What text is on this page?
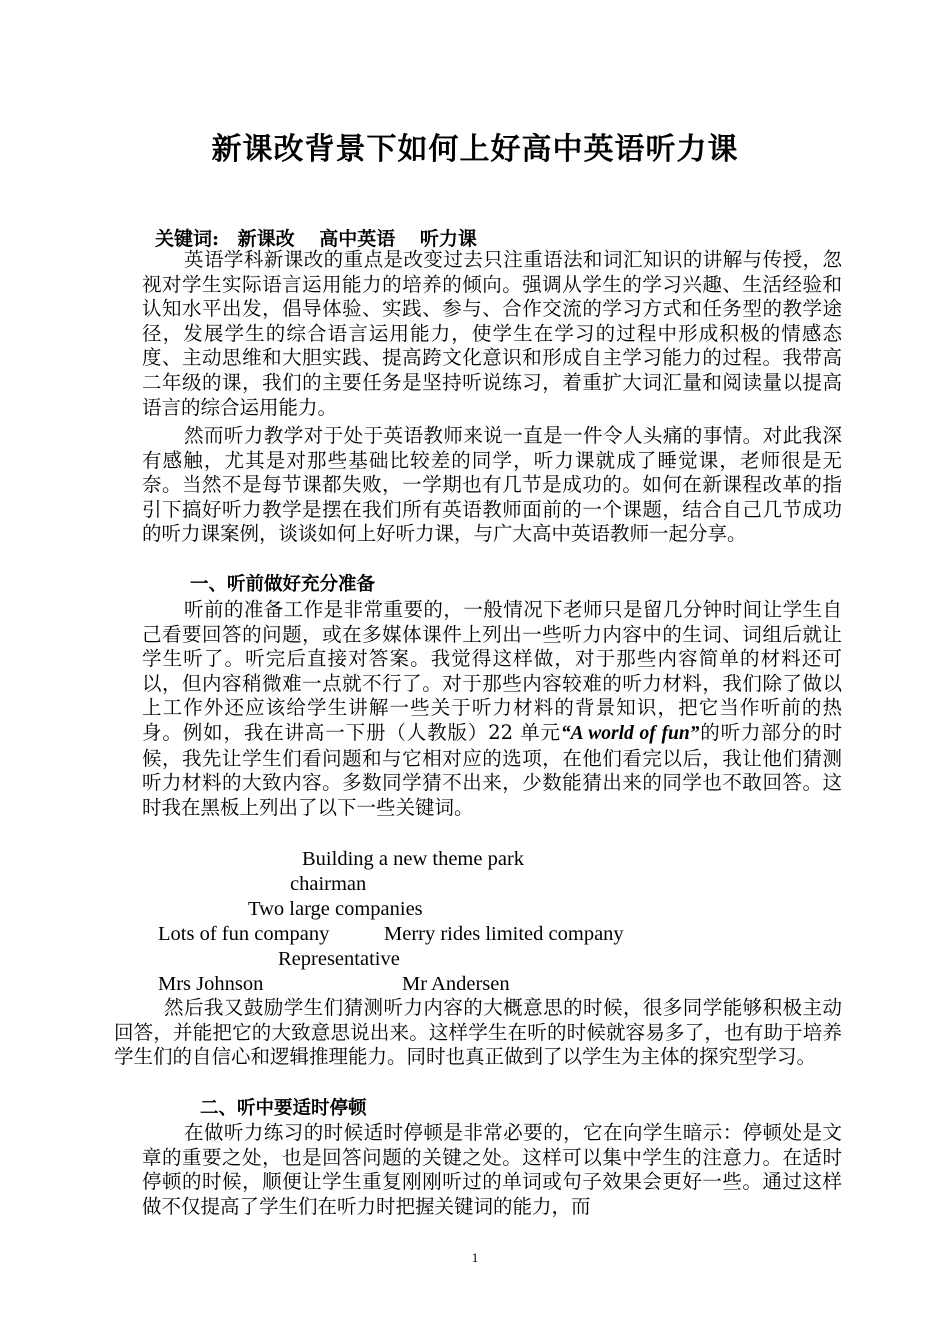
新课改背景下如何上好高中英语听力课
关键词: 新课改 高中英语 听力课
英语学科新课改的重点是改变过去只注重语法和词汇知识的讲解与传授，忽视对学生实际语言运用能力的培养的倾向。强调从学生的学习兴趣、生活经验和认知水平出发，倡导体验、实践、参与、合作交流的学习方式和任务型的教学途径，发展学生的综合语言运用能力，使学生在学习的过程中形成积极的情感态度、主动思维和大胆实践、提高跨文化意识和形成自主学习能力的过程。我带高二年级的课，我们的主要任务是坚持听说练习，着重扩大词汇量和阅读量以提高语言的综合运用能力。
然而听力教学对于处于英语教师来说一直是一件令人头痛的事情。对此我深有感触，尤其是对那些基础比较差的同学，听力课就成了睡觉课，老师很是无奈。当然不是每节课都失败，一学期也有几节是成功的。如何在新课程改革的指引下搞好听力教学是摆在我们所有英语教师面前的一个课题，结合自己几节成功的听力课案例，谈谈如何上好听力课，与广大高中英语教师一起分享。
一、听前做好充分准备
听前的准备工作是非常重要的，一般情况下老师只是留几分钟时间让学生自己看要回答的问题，或在多媒体课件上列出一些听力内容中的生词、词组后就让学生听了。听完后直接对答案。我觉得这样做，对于那些内容简单的材料还可以，但内容稍微难一点就不行了。对于那些内容较难的听力材料，我们除了做以上工作外还应该给学生讲解一些关于听力材料的背景知识，把它当作听前的热身。例如，我在讲高一下册（人教版）22 单元“A world of fun”的听力部分的时候，我先让学生们看问题和与它相对应的选项，在他们看完以后，我让他们猜测听力材料的大致内容。多数同学猜不出来，少数能猜出来的同学也不敢回答。这时我在黑板上列出了以下一些关键词。
Building a new theme park
chairman
Two large companies
Lots of fun company	Merry rides limited company
Representative
Mrs Johnson	Mr Andersen
然后我又鼓励学生们猜测听力内容的大概意思的时候，很多同学能够积极主动回答，并能把它的大致意思说出来。这样学生在听的时候就容易多了，也有助于培养学生们的自信心和逻辑推理能力。同时也真正做到了以学生为主体的探究型学习。
二、听中要适时停顿
在做听力练习的时候适时停顿是非常必要的，它在向学生暗示：停顿处是文章的重要之处，也是回答问题的关键之处。这样可以集中学生的注意力。在适时停顿的时候，顺便让学生重复刚刚听过的单词或句子效果会更好一些。通过这样做不仅提高了学生们在听力时把握关键词的能力，而
1
